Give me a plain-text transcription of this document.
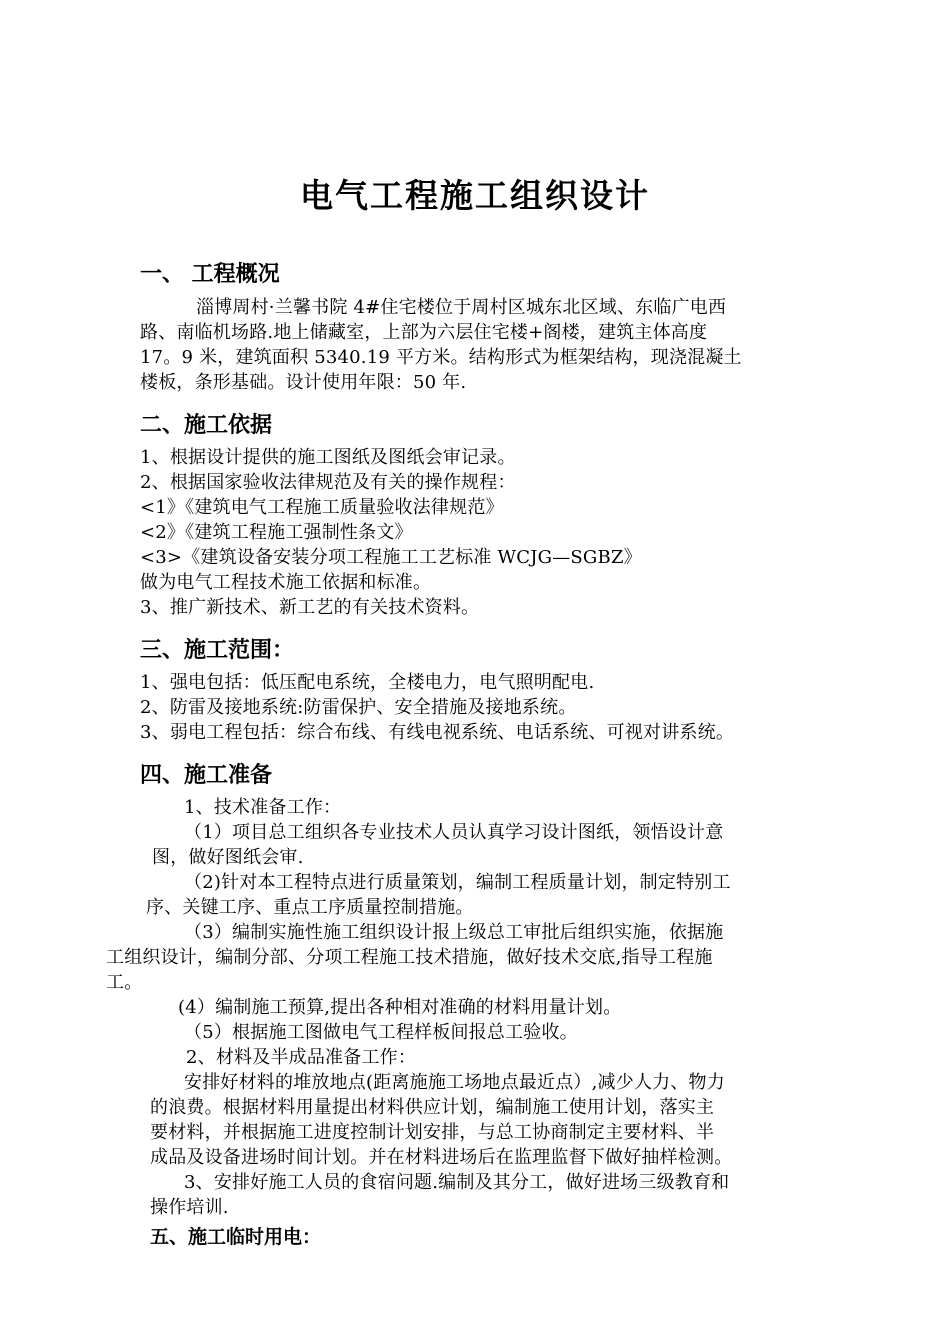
电气工程施工组织设计
一、 工程概况
淄博周村·兰馨书院 4#住宅楼位于周村区城东北区域、东临广电西
路、南临机场路.地上储藏室，上部为六层住宅楼+阁楼，建筑主体高度
17。9 米，建筑面积 5340.19 平方米。结构形式为框架结构，现浇混凝土
楼板，条形基础。设计使用年限：50 年.
二、施工依据
1、根据设计提供的施工图纸及图纸会审记录。
2、根据国家验收法律规范及有关的操作规程：
<1》《建筑电气工程施工质量验收法律规范》
<2》《建筑工程施工强制性条文》
<3>《建筑设备安装分项工程施工工艺标准 WCJG—SGBZ》
做为电气工程技术施工依据和标准。
3、推广新技术、新工艺的有关技术资料。
三、施工范围：
1、强电包括：低压配电系统，全楼电力，电气照明配电.
2、防雷及接地系统:防雷保护、安全措施及接地系统。
3、弱电工程包括：综合布线、有线电视系统、电话系统、可视对讲系统。
四、施工准备
1、技术准备工作：
（1）项目总工组织各专业技术人员认真学习设计图纸，领悟设计意
图，做好图纸会审.
（2)针对本工程特点进行质量策划，编制工程质量计划，制定特别工
序、关键工序、重点工序质量控制措施。
（3）编制实施性施工组织设计报上级总工审批后组织实施，依据施
工组织设计，编制分部、分项工程施工技术措施，做好技术交底,指导工程施
工。
(4）编制施工预算,提出各种相对准确的材料用量计划。
（5）根据施工图做电气工程样板间报总工验收。
2、材料及半成品准备工作：
安排好材料的堆放地点(距离施施工场地点最近点）,减少人力、物力
的浪费。根据材料用量提出材料供应计划，编制施工使用计划，落实主
要材料，并根据施工进度控制计划安排，与总工协商制定主要材料、半
成品及设备进场时间计划。并在材料进场后在监理监督下做好抽样检测。
3、安排好施工人员的食宿问题.编制及其分工，做好进场三级教育和
操作培训.
五、施工临时用电：
